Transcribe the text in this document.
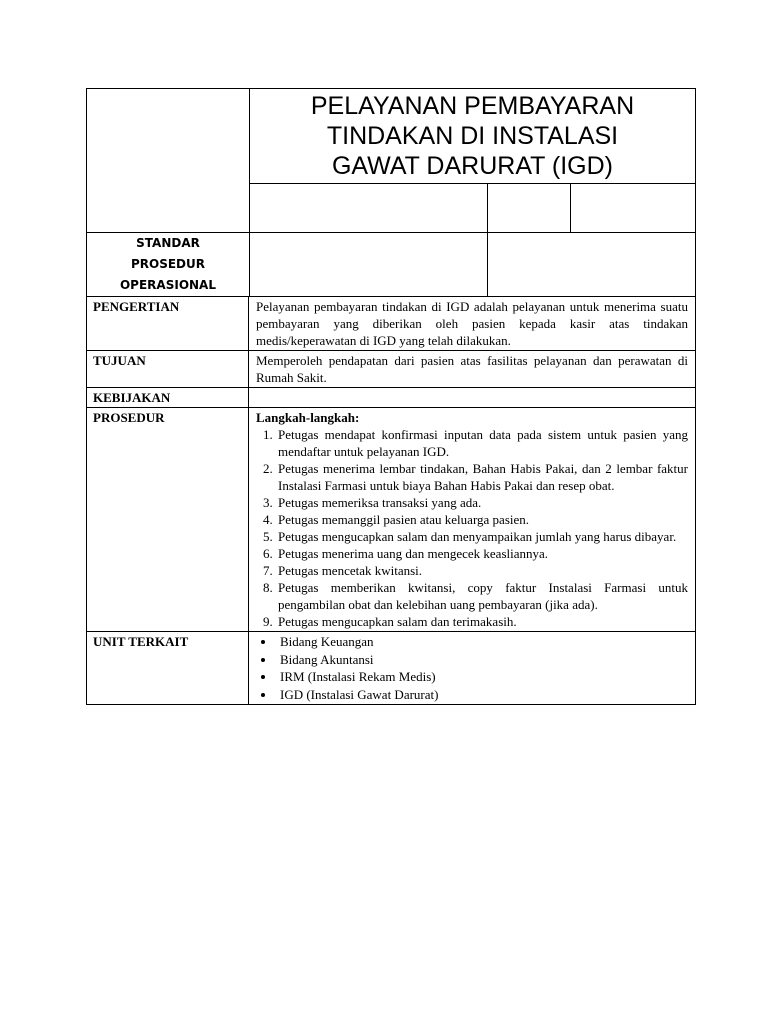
STANDAR
PROSEDUR
OPERASIONAL
PELAYANAN PEMBAYARAN
TINDAKAN DI INSTALASI
GAWAT DARURAT (IGD)
PENGERTIAN	Pelayanan pembayaran tindakan di IGD adalah pelayanan untuk menerima suatu pembayaran yang diberikan oleh pasien kepada kasir atas tindakan medis/keperawatan di IGD yang telah dilakukan.
TUJUAN	Memperoleh pendapatan dari pasien atas fasilitas pelayanan dan perawatan di Rumah Sakit.
KEBIJAKAN
PROSEDUR	Langkah-langkah:
1. Petugas mendapat konfirmasi inputan data pada sistem untuk pasien yang mendaftar untuk pelayanan IGD.
2. Petugas menerima lembar tindakan, Bahan Habis Pakai, dan 2 lembar faktur Instalasi Farmasi untuk biaya Bahan Habis Pakai dan resep obat.
3. Petugas memeriksa transaksi yang ada.
4. Petugas memanggil pasien atau keluarga pasien.
5. Petugas mengucapkan salam dan menyampaikan jumlah yang harus dibayar.
6. Petugas menerima uang dan mengecek keasliannya.
7. Petugas mencetak kwitansi.
8. Petugas memberikan kwitansi, copy faktur Instalasi Farmasi untuk pengambilan obat dan kelebihan uang pembayaran (jika ada).
9. Petugas mengucapkan salam dan terimakasih.
UNIT TERKAIT
•	Bidang Keuangan
• Bidang Akuntansi
• IRM (Instalasi Rekam Medis)
• IGD (Instalasi Gawat Darurat)
